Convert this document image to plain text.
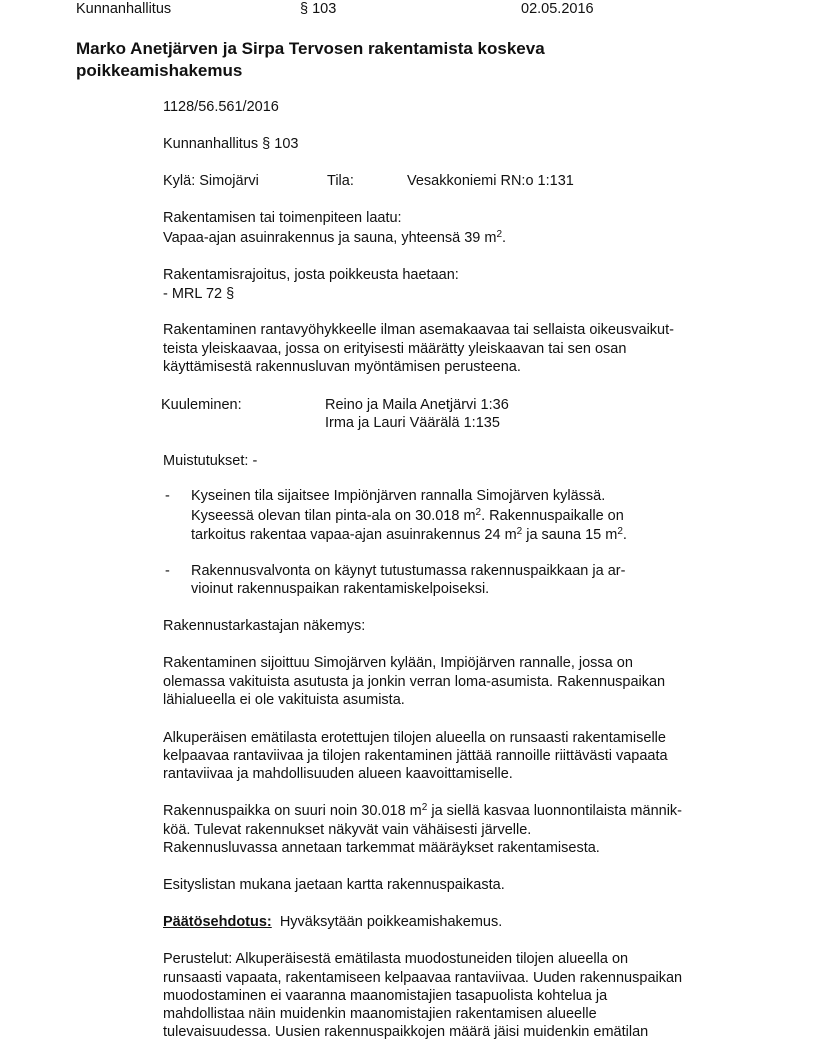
Kunnanhallitus	§ 103	02.05.2016
Marko Anetjärven ja Sirpa Tervosen rakentamista koskeva
poikkeamishakemus
1128/56.561/2016
Kunnanhallitus § 103
Kylä: Simojärvi	Tila:	Vesakkoniemi RN:o 1:131
Rakentamisen tai toimenpiteen laatu:
Vapaa-ajan asuinrakennus ja sauna, yhteensä 39 $m^2$.
Rakentamisrajoitus, josta poikkeusta haetaan:
- MRL 72 §
Rakentaminen rantavyöhykkeelle ilman asemakaavaa tai sellaista oikeusvaikut-
teista yleiskaavaa, jossa on erityisesti määrätty yleiskaavan tai sen osan
käyttämisestä rakennusluvan myöntämisen perusteena.
Kuuleminen:	Reino ja Maila Anetjärvi 1:36
Irma ja Lauri Väärälä 1:135
Muistutukset: -
- Kyseinen tila sijaitsee Impiönjärven rannalla Simojärven kylässä.
Kyseessä olevan tilan pinta-ala on 30.018 $m^2$. Rakennuspaikalle on
tarkoitus rakentaa vapaa-ajan asuinrakennus 24 $m^2$ ja sauna 15 $m^2$.
- Rakennusvalvonta on käynyt tutustumassa rakennuspaikkaan ja ar-
vioinut rakennuspaikan rakentamiskelpoiseksi.
Rakennustarkastajan näkemys:
Rakentaminen sijoittuu Simojärven kylään, Impiöjärven rannalle, jossa on
olemassa vakituista asutusta ja jonkin verran loma-asumista. Rakennuspaikan
lähialueella ei ole vakituista asumista.
Alkuperäisen emätilasta erotettujen tilojen alueella on runsaasti rakentamiselle
kelpaavaa rantaviivaa ja tilojen rakentaminen jättää rannoille riittävästi vapaata
rantaviivaa ja mahdollisuuden alueen kaavoittamiselle.
Rakennuspaikka on suuri noin 30.018 $m^2$ ja siellä kasvaa luonnontilaista männik-
köä. Tulevat rakennukset näkyvät vain vähäisesti järvelle.
Rakennusluvassa annetaan tarkemmat määräykset rakentamisesta.
Esityslistan mukana jaetaan kartta rakennuspaikasta.
Päätösehdotus: Hyväksytään poikkeamishakemus.
Perustelut: Alkuperäisestä emätilasta muodostuneiden tilojen alueella on
runsaasti vapaata, rakentamiseen kelpaavaa rantaviivaa. Uuden rakennuspaikan
muodostaminen ei vaaranna maanomistajien tasapuolista kohtelua ja
mahdollistaa näin muidenkin maanomistajien rakentamisen alueelle
tulevaisuudessa. Uusien rakennuspaikkojen määrä jäisi muidenkin emätilan
